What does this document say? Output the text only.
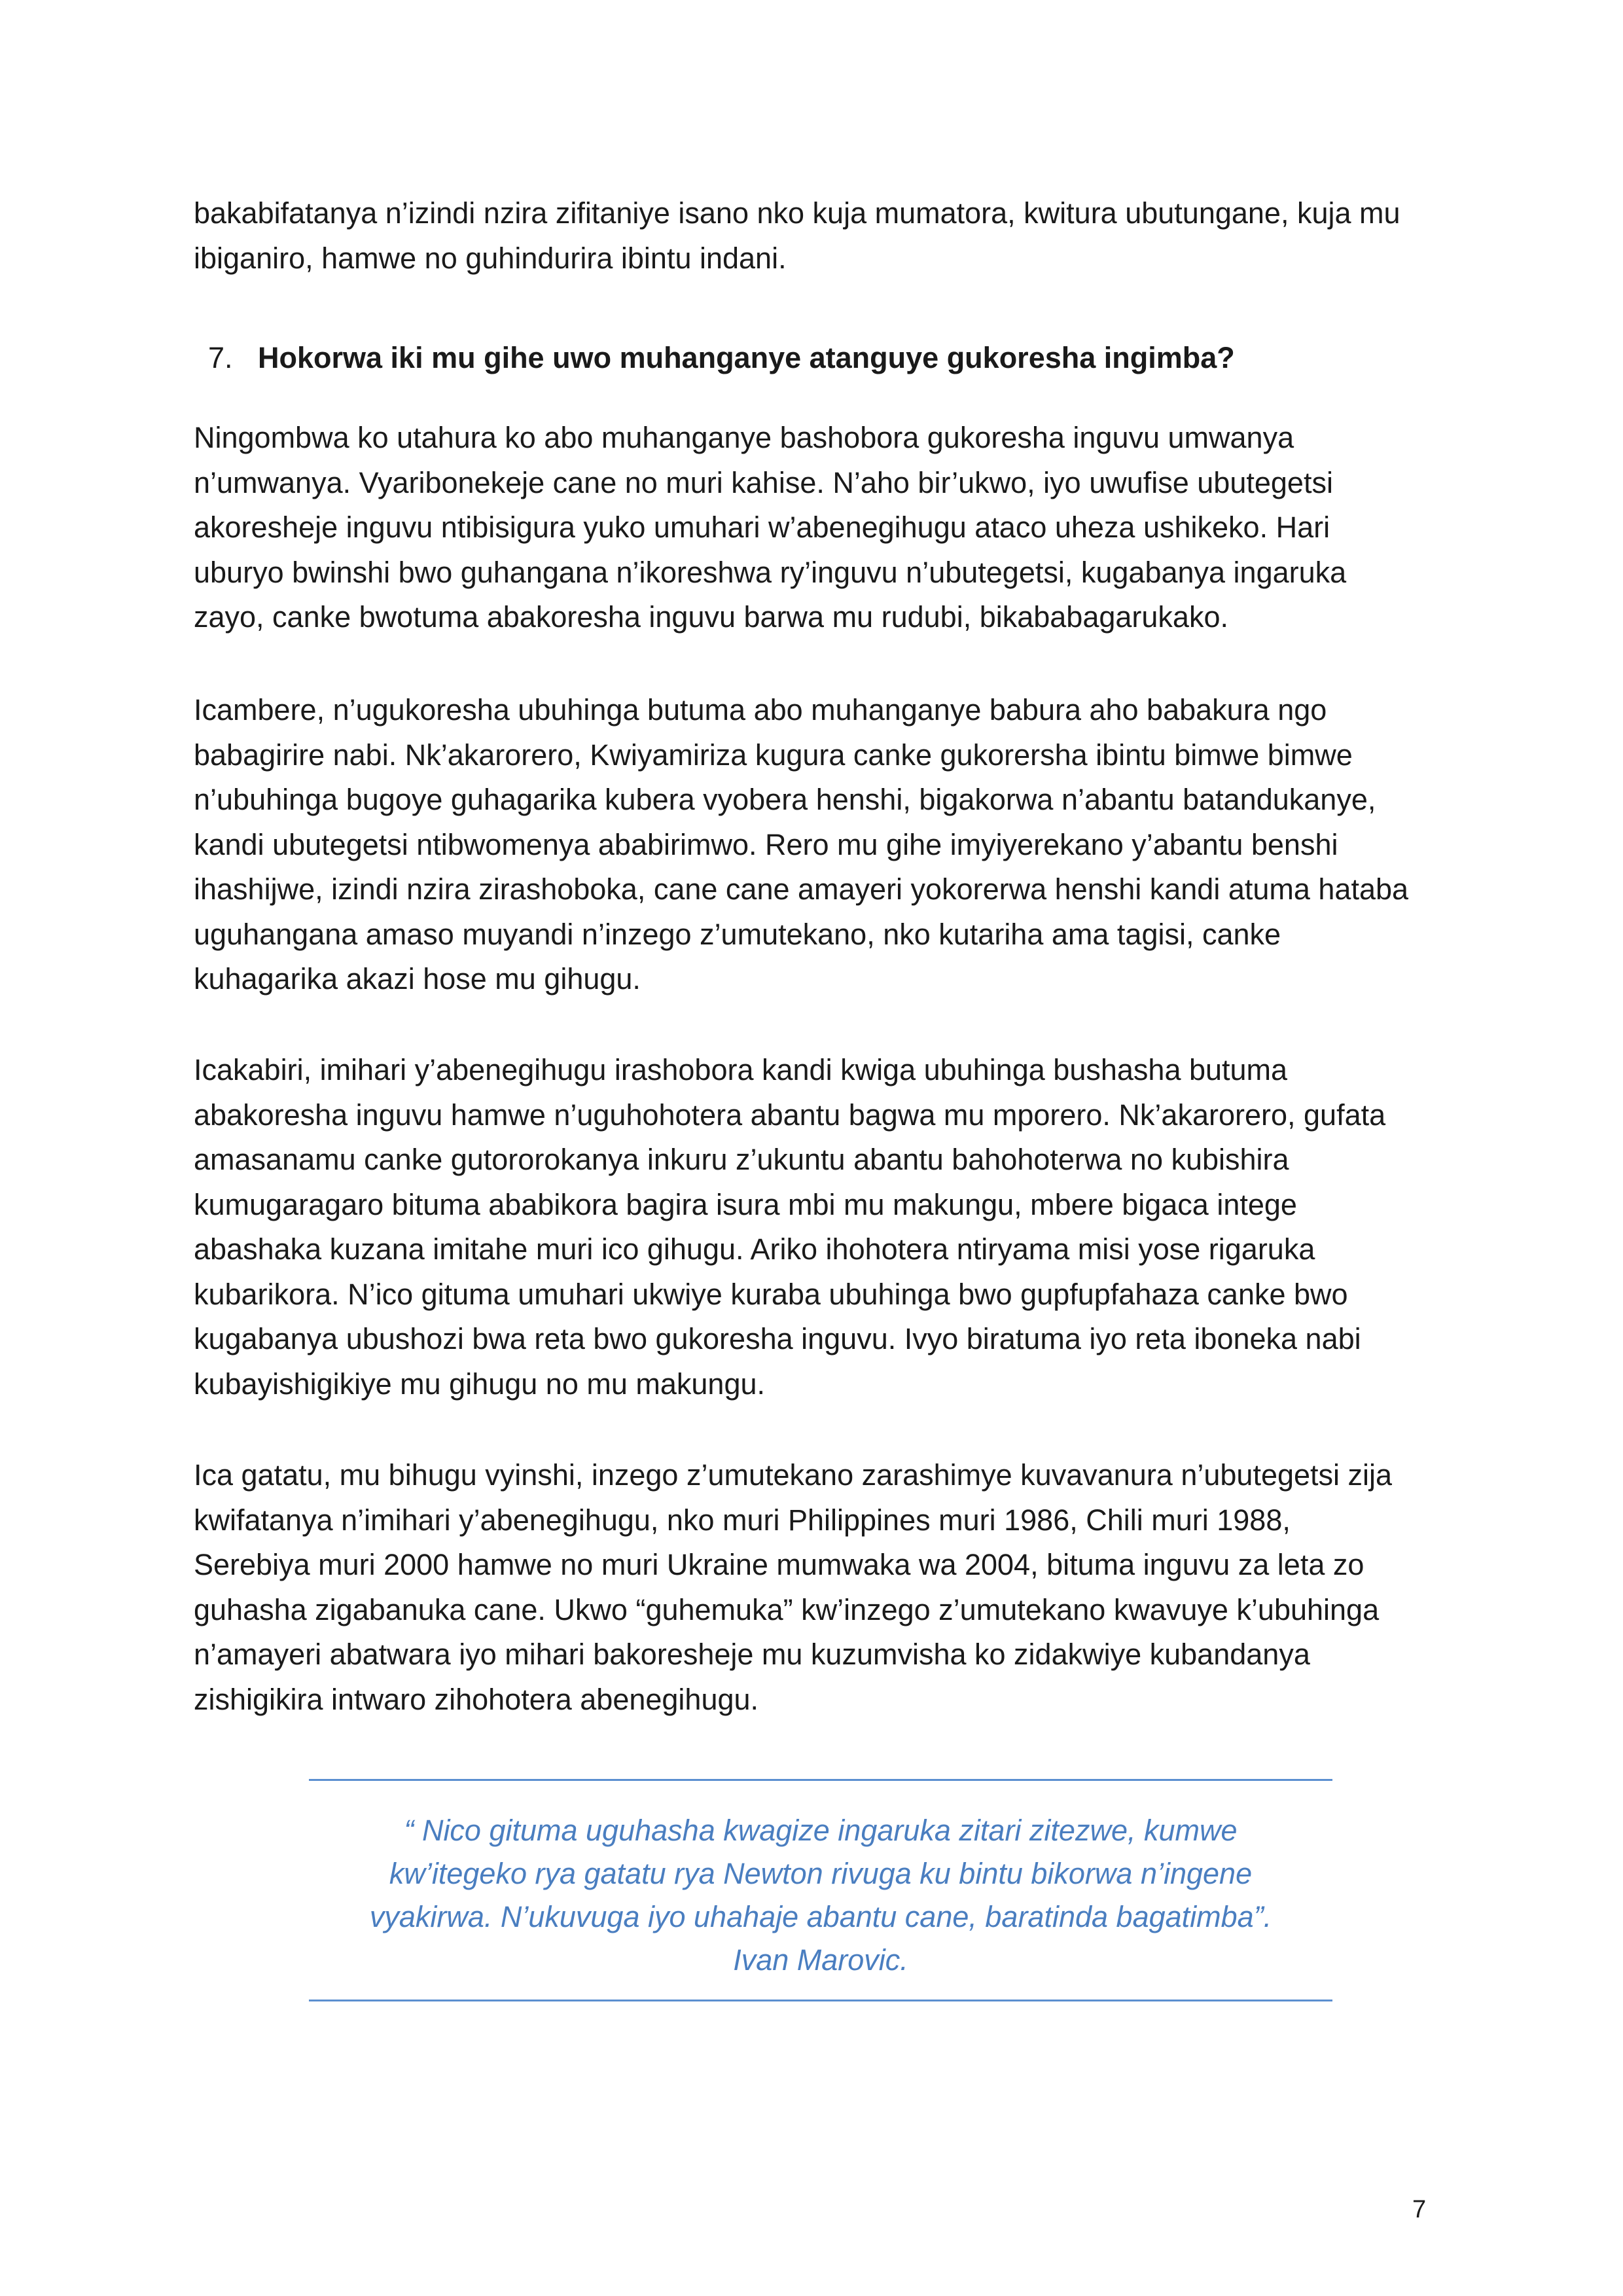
bakabifatanya n’izindi nzira zifitaniye isano nko kuja mumatora, kwitura ubutungane, kuja mu ibiganiro, hamwe no guhindurira ibintu indani.

7. Hokorwa iki mu gihe uwo muhanganye atanguye gukoresha ingimba?

Ningombwa ko utahura ko abo muhanganye bashobora gukoresha inguvu umwanya n’umwanya. Vyaribonekeje cane no muri kahise. N’aho bir’ukwo, iyo uwufise ubutegetsi akoresheje inguvu ntibisigura yuko umuhari w’abenegihugu ataco uheza ushikeko. Hari uburyo bwinshi bwo guhangana n’ikoreshwa ry’inguvu n’ubutegetsi, kugabanya ingaruka zayo, canke bwotuma abakoresha inguvu barwa mu rudubi, bikababagarukako.

Icambere, n’ugukoresha ubuhinga butuma abo muhanganye babura aho babakura ngo babagirire nabi. Nk’akarorero, Kwiyamiriza kugura canke gukorersha ibintu bimwe bimwe n’ubuhinga bugoye guhagarika kubera vyobera henshi, bigakorwa n’abantu batandukanye, kandi ubutegetsi ntibwomenya ababirimwo. Rero mu gihe imyiyerekano y’abantu benshi ihashijwe, izindi nzira zirashoboka, cane cane amayeri yokorerwa henshi kandi atuma hataba uguhangana amaso muyandi n’inzego z’umutekano, nko kutariha ama tagisi, canke kuhagarika akazi hose mu gihugu.

Icakabiri, imihari y’abenegihugu irashobora kandi kwiga ubuhinga bushasha butuma abakoresha inguvu hamwe n’uguhohotera abantu bagwa mu mporero. Nk’akarorero, gufata amasanamu canke gutororokanya inkuru z’ukuntu abantu bahohoterwa no kubishira kumugaragaro bituma ababikora bagira isura mbi mu makungu, mbere bigaca intege abashaka kuzana imitahe muri ico gihugu. Ariko ihohotera ntiryama misi yose rigaruka kubarikora. N’ico gituma umuhari ukwiye kuraba ubuhinga bwo gupfupfahaza canke bwo kugabanya ubushozi bwa reta bwo gukoresha inguvu. Ivyo biratuma iyo reta iboneka nabi kubayishigikiye mu gihugu no mu makungu.

Ica gatatu, mu bihugu vyinshi, inzego z’umutekano zarashimye kuvavanura n’ubutegetsi zija kwifatanya n’imihari y’abenegihugu, nko muri Philippines muri 1986, Chili muri 1988, Serebiya muri 2000 hamwe no muri Ukraine mumwaka wa 2004, bituma inguvu za leta zo guhasha zigabanuka cane. Ukwo “guhemuka” kw’inzego z’umutekano kwavuye k’ubuhinga n’amayeri abatwara iyo mihari bakoresheje mu kuzumvisha ko zidakwiye kubandanya zishigikira intwaro zihohotera abenegihugu.

“ Nico gituma uguhasha kwagize ingaruka zitari zitezwe, kumwe
kw’itegeko rya gatatu rya Newton rivuga ku bintu bikorwa n’ingene
vyakirwa. N’ukuvuga iyo uhahaje abantu cane, baratinda bagatimba”.
Ivan Marovic.
7
